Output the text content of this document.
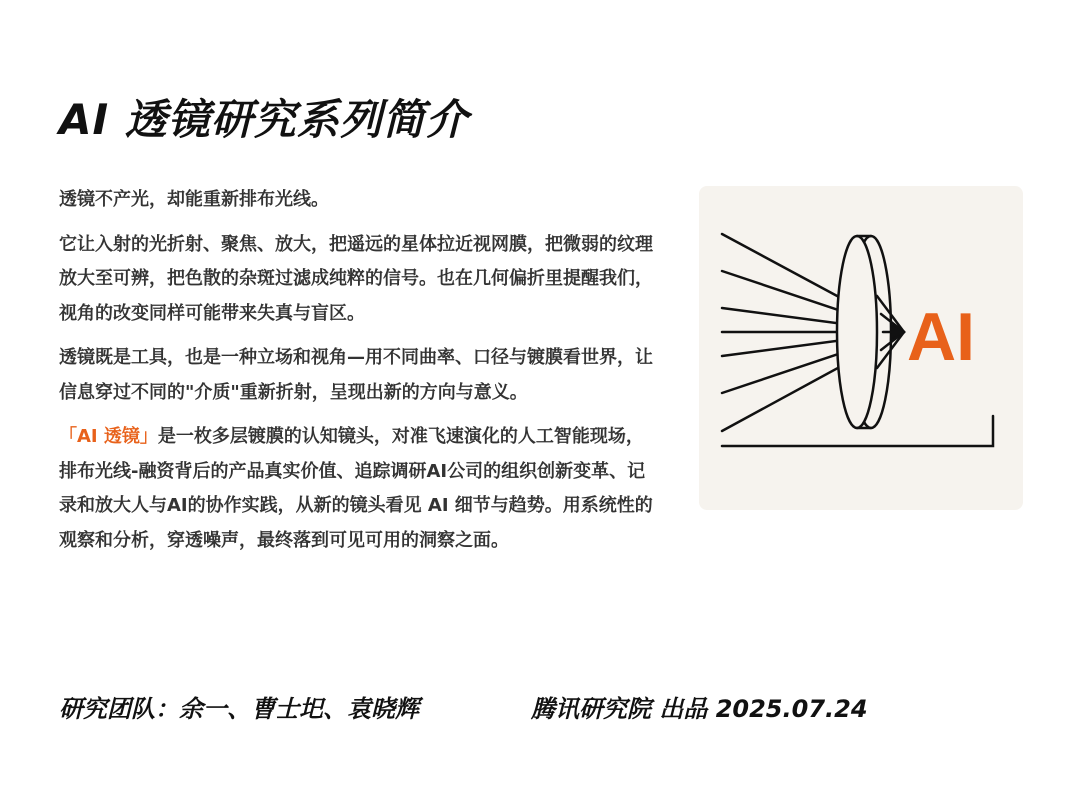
AI 透镜研究系列简介

透镜不产光，却能重新排布光线。

它让入射的光折射、聚焦、放大，把遥远的星体拉近视网膜，把微弱的纹理放大至可辨，把色散的杂斑过滤成纯粹的信号。也在几何偏折里提醒我们，视角的改变同样可能带来失真与盲区。

透镜既是工具，也是一种立场和视角—用不同曲率、口径与镀膜看世界，让信息穿过不同的"介质"重新折射，呈现出新的方向与意义。

「AI 透镜」是一枚多层镀膜的认知镜头，对准飞速演化的人工智能现场，排布光线-融资背后的产品真实价值、追踪调研AI公司的组织创新变革、记录和放大人与AI的协作实践，从新的镜头看见 AI 细节与趋势。用系统性的观察和分析，穿透噪声，最终落到可见可用的洞察之面。

AI
研究团队：余一、曹士圯、袁晓辉	腾讯研究院 出品 2025.07.24
